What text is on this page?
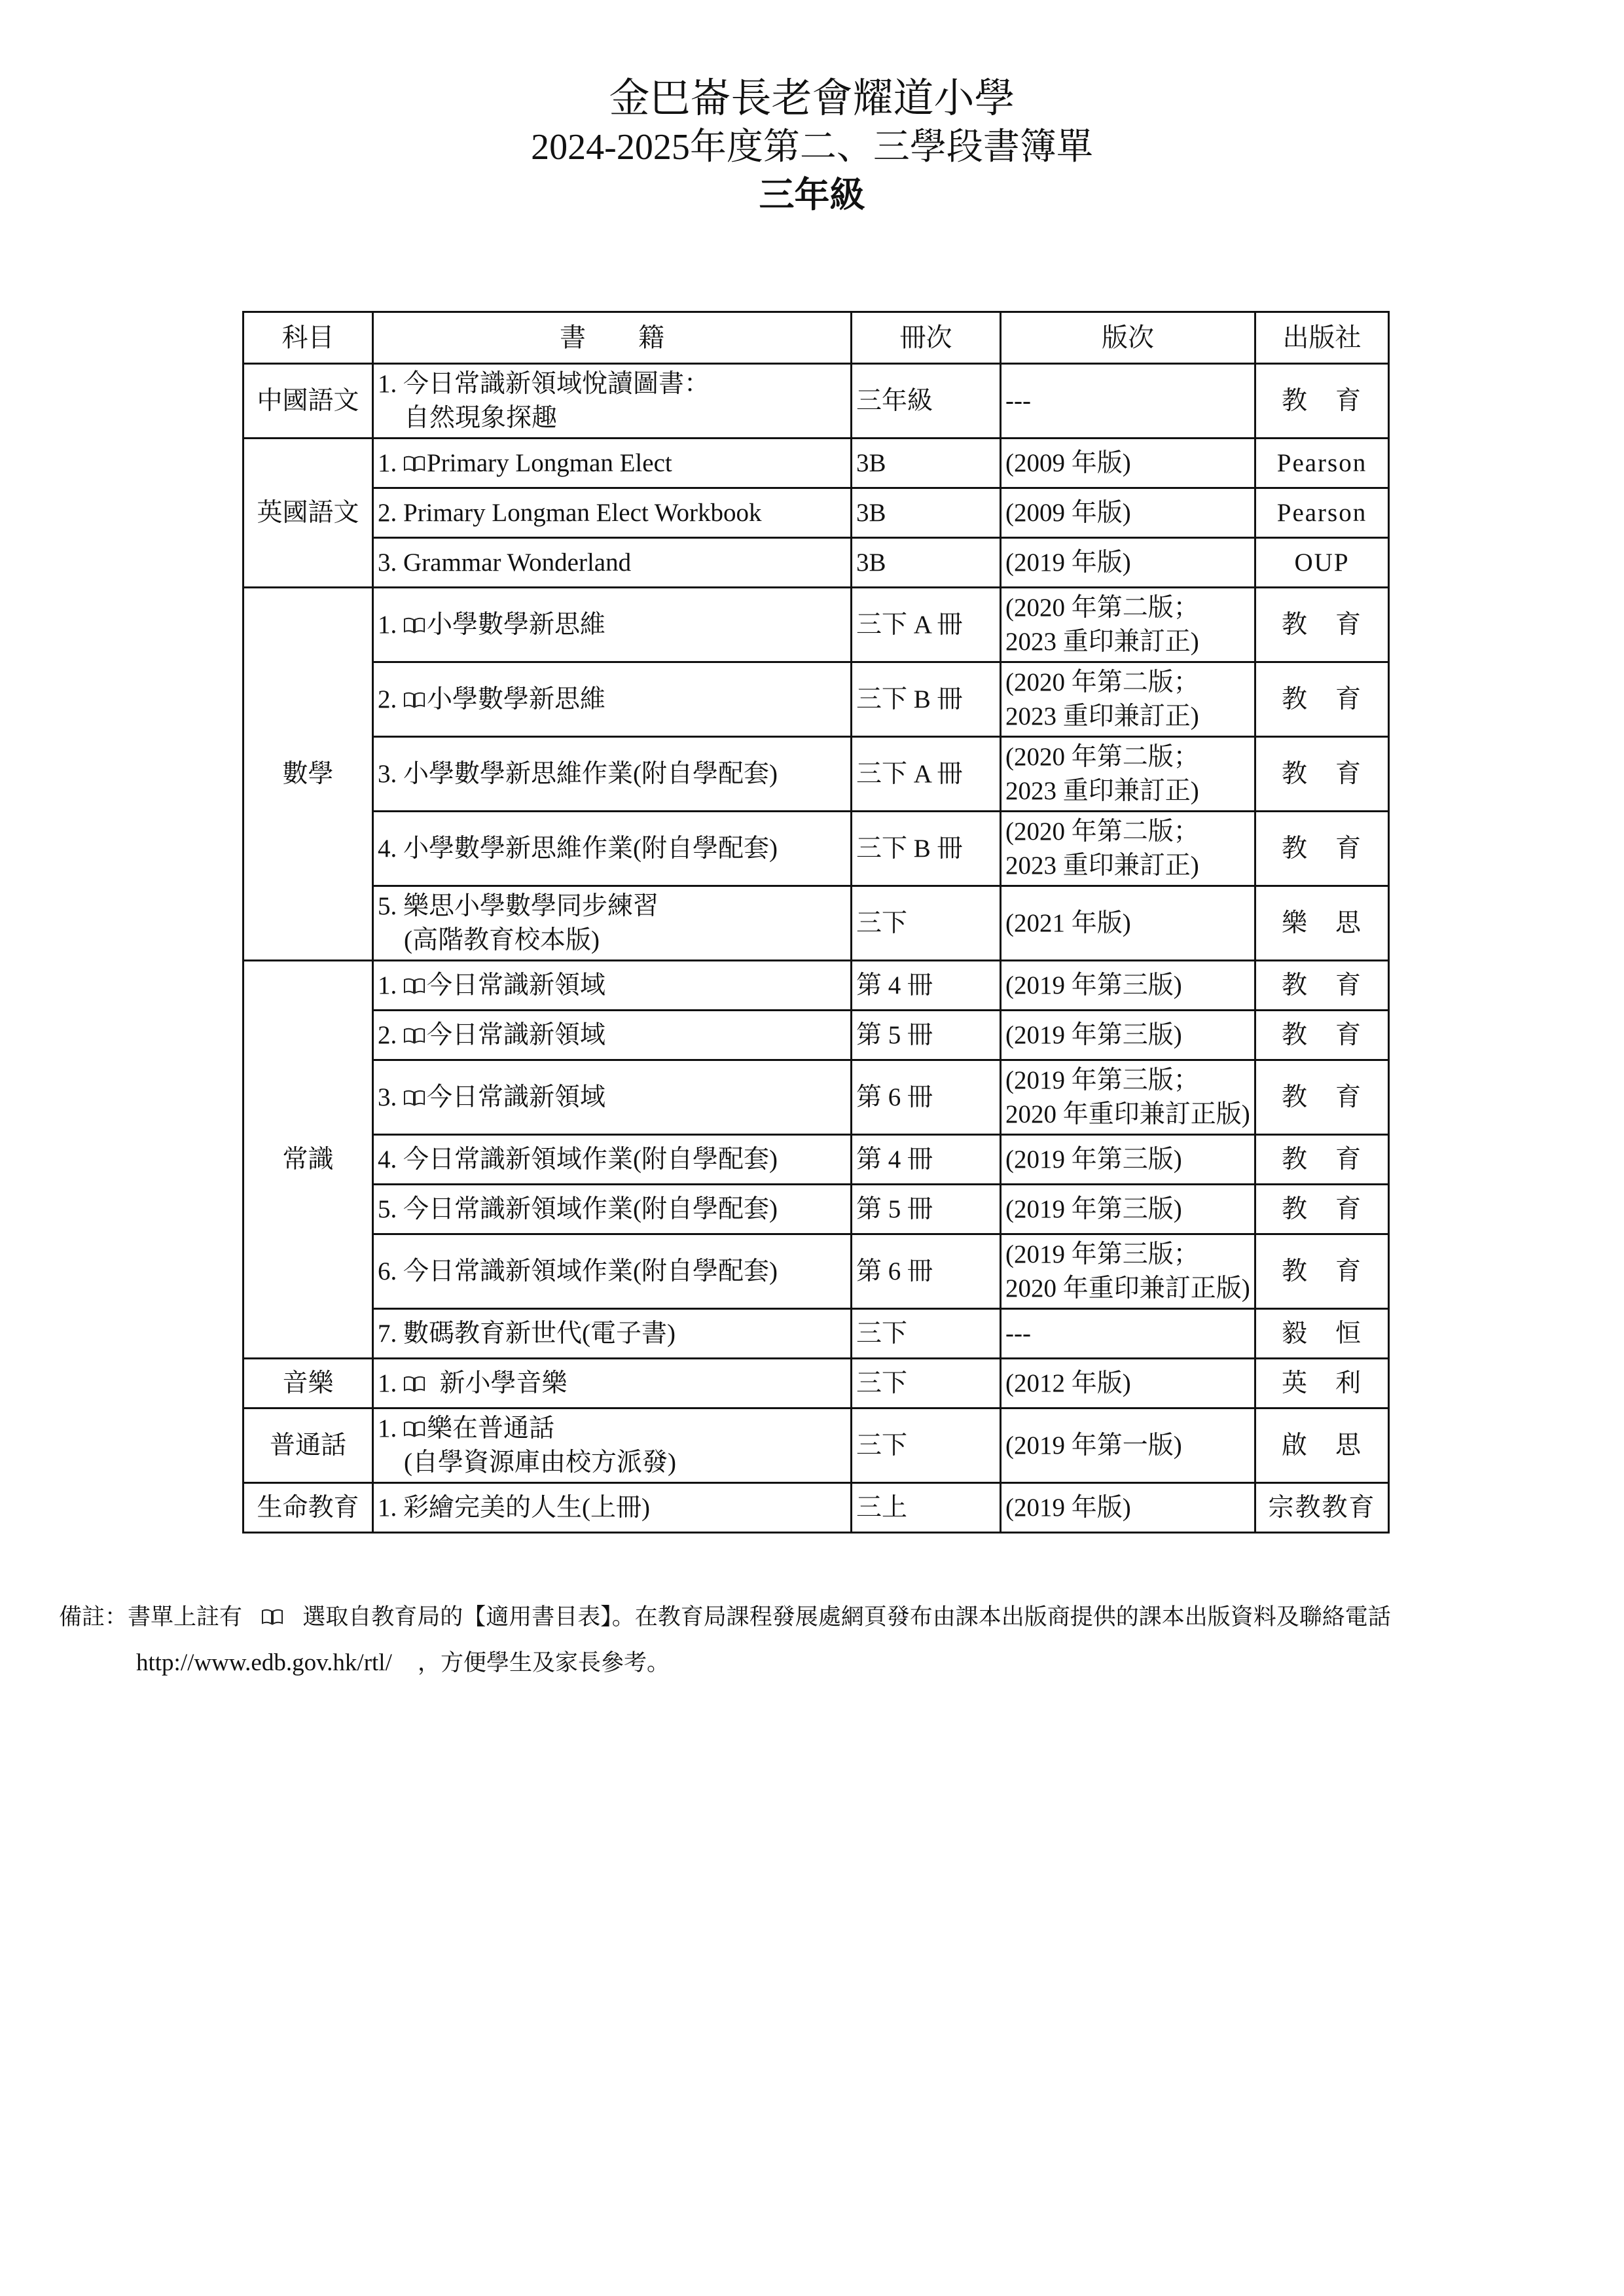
金巴崙長老會耀道小學
2024-2025年度第二、三學段書簿單
三年級
科目	書　　籍	冊次	版次	出版社
中國語文	1. 今日常識新領域悅讀圖書：
自然現象探趣	三年級	---	教　育
英國語文	1. Primary Longman Elect	3B	(2009 年版)	Pearson
	2. Primary Longman Elect Workbook	3B	(2009 年版)	Pearson
	3. Grammar Wonderland	3B	(2019 年版)	OUP
數學	1. 小學數學新思維	三下 A 冊	(2020 年第二版；
2023 重印兼訂正)	教　育
	2. 小學數學新思維	三下 B 冊	(2020 年第二版；
2023 重印兼訂正)	教　育
	3. 小學數學新思維作業(附自學配套)	三下 A 冊	(2020 年第二版；
2023 重印兼訂正)	教　育
	4. 小學數學新思維作業(附自學配套)	三下 B 冊	(2020 年第二版；
2023 重印兼訂正)	教　育
	5. 樂思小學數學同步練習
(高階教育校本版)	三下	(2021 年版)	樂　思
常識	1. 今日常識新領域	第 4 冊	(2019 年第三版)	教　育
	2. 今日常識新領域	第 5 冊	(2019 年第三版)	教　育
	3. 今日常識新領域	第 6 冊	(2019 年第三版；
2020 年重印兼訂正版)	教　育
	4. 今日常識新領域作業(附自學配套)	第 4 冊	(2019 年第三版)	教　育
	5. 今日常識新領域作業(附自學配套)	第 5 冊	(2019 年第三版)	教　育
	6. 今日常識新領域作業(附自學配套)	第 6 冊	(2019 年第三版；
2020 年重印兼訂正版)	教　育
	7. 數碼教育新世代(電子書)	三下	---	毅　恒
音樂	1.   新小學音樂	三下	(2012 年版)	英　利
普通話	1. 樂在普通話
(自學資源庫由校方派發)	三下	(2019 年第一版)	啟　思
生命教育	1. 彩繪完美的人生(上冊)	三上	(2019 年版)	宗教教育
備註：書單上註有	選取自教育局的【適用書目表】。在教育局課程發展處網頁發布由課本出版商提供的課本出版資料及聯絡電話
http://www.edb.gov.hk/rtl/ ，方便學生及家長參考。
